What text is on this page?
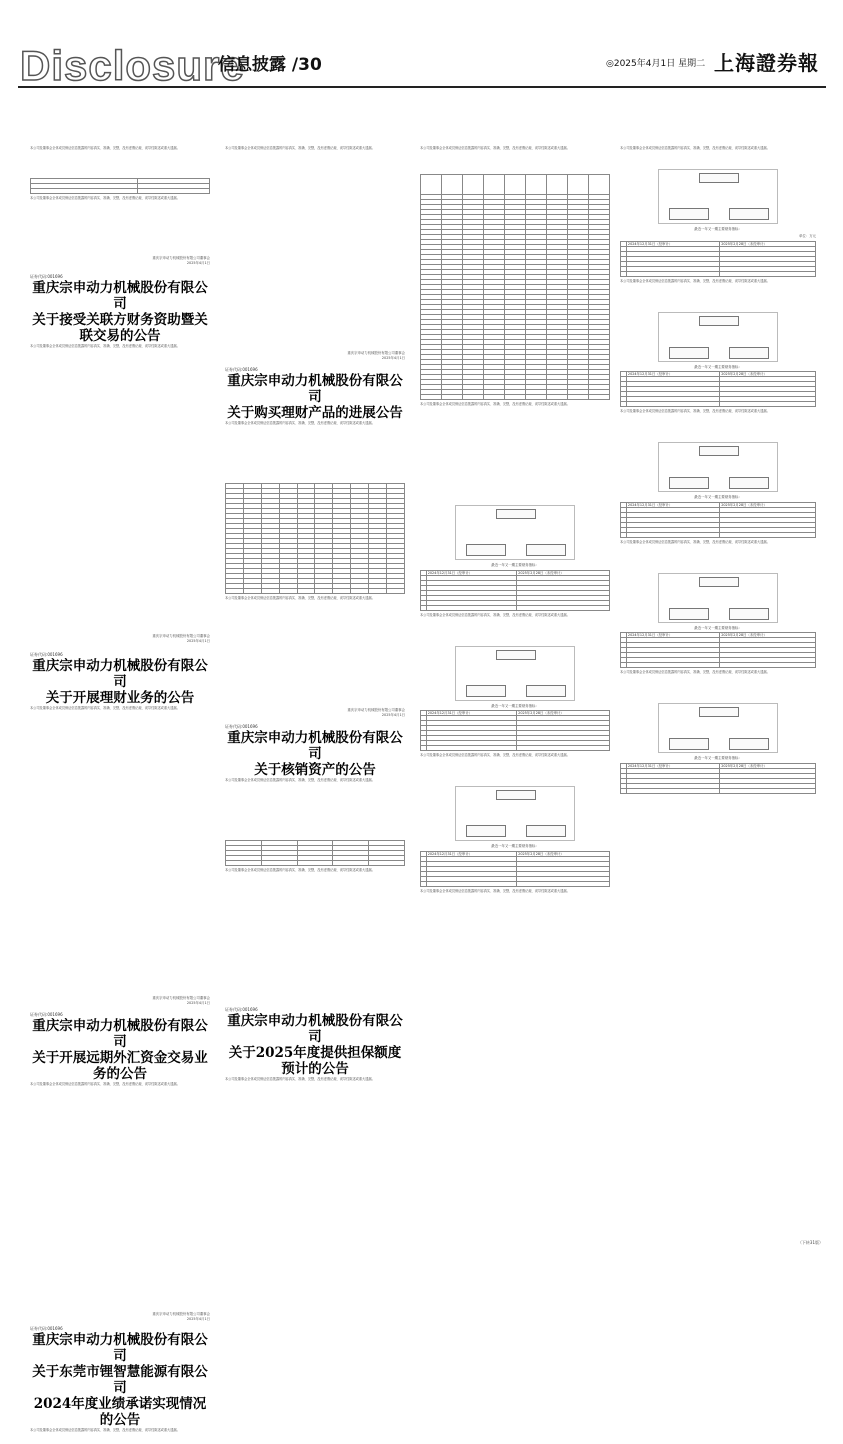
Disclosure
信息披露 /30	◎2025年4月1日 星期二 上海證券報
本公司及董事会全体成员保证信息披露的内容真实、准确、完整，没有虚假记载、误导性陈述或重大遗漏。

本公司及董事会全体成员保证信息披露的内容真实、准确、完整，没有虚假记载、误导性陈述或重大遗漏。
重庆宗申动力机械股份有限公司董事会
2025年4月1日
证券代码:001696
重庆宗申动力机械股份有限公司
关于接受关联方财务资助暨关联交易的公告
本公司及董事会全体成员保证信息披露的内容真实、准确、完整，没有虚假记载、误导性陈述或重大遗漏。
重庆宗申动力机械股份有限公司董事会
2025年4月1日
证券代码:001696
重庆宗申动力机械股份有限公司
关于开展理财业务的公告
本公司及董事会全体成员保证信息披露的内容真实、准确、完整，没有虚假记载、误导性陈述或重大遗漏。
重庆宗申动力机械股份有限公司董事会
2025年4月1日
证券代码:001696
重庆宗申动力机械股份有限公司
关于开展远期外汇资金交易业务的公告
本公司及董事会全体成员保证信息披露的内容真实、准确、完整，没有虚假记载、误导性陈述或重大遗漏。
重庆宗申动力机械股份有限公司董事会
2025年4月1日
证券代码:001696
重庆宗申动力机械股份有限公司
关于东莞市锂智慧能源有限公司
2024年度业绩承诺实现情况的公告
本公司及董事会全体成员保证信息披露的内容真实、准确、完整，没有虚假记载、误导性陈述或重大遗漏。
本公司及董事会全体成员保证信息披露的内容真实、准确、完整，没有虚假记载、误导性陈述或重大遗漏。
重庆宗申动力机械股份有限公司董事会
2025年4月1日
证券代码:001696
重庆宗申动力机械股份有限公司
关于购买理财产品的进展公告
本公司及董事会全体成员保证信息披露的内容真实、准确、完整，没有虚假记载、误导性陈述或重大遗漏。

本公司及董事会全体成员保证信息披露的内容真实、准确、完整，没有虚假记载、误导性陈述或重大遗漏。
重庆宗申动力机械股份有限公司董事会
2025年4月1日
证券代码:001696
重庆宗申动力机械股份有限公司
关于核销资产的公告
本公司及董事会全体成员保证信息披露的内容真实、准确、完整，没有虚假记载、误导性陈述或重大遗漏。

本公司及董事会全体成员保证信息披露的内容真实、准确、完整，没有虚假记载、误导性陈述或重大遗漏。
证券代码:001696
重庆宗申动力机械股份有限公司
关于2025年度提供担保额度预计的公告
本公司及董事会全体成员保证信息披露的内容真实、准确、完整，没有虚假记载、误导性陈述或重大遗漏。
本公司及董事会全体成员保证信息披露的内容真实、准确、完整，没有虚假记载、误导性陈述或重大遗漏。

本公司及董事会全体成员保证信息披露的内容真实、准确、完整，没有虚假记载、误导性陈述或重大遗漏。
最近一年又一期主要财务指标：
	2024年12月31日（经审计）	2025年2月28日（未经审计）

本公司及董事会全体成员保证信息披露的内容真实、准确、完整，没有虚假记载、误导性陈述或重大遗漏。
最近一年又一期主要财务指标：
	2024年12月31日（经审计）	2025年2月28日（未经审计）

本公司及董事会全体成员保证信息披露的内容真实、准确、完整，没有虚假记载、误导性陈述或重大遗漏。
最近一年又一期主要财务指标：
	2024年12月31日（经审计）	2025年2月28日（未经审计）

本公司及董事会全体成员保证信息披露的内容真实、准确、完整，没有虚假记载、误导性陈述或重大遗漏。
本公司及董事会全体成员保证信息披露的内容真实、准确、完整，没有虚假记载、误导性陈述或重大遗漏。
最近一年又一期主要财务指标：
单位：万元
	2024年12月31日（经审计）	2025年2月28日（未经审计）

本公司及董事会全体成员保证信息披露的内容真实、准确、完整，没有虚假记载、误导性陈述或重大遗漏。
最近一年又一期主要财务指标：
	2024年12月31日（经审计）	2025年2月28日（未经审计）

本公司及董事会全体成员保证信息披露的内容真实、准确、完整，没有虚假记载、误导性陈述或重大遗漏。
最近一年又一期主要财务指标：
	2024年12月31日（经审计）	2025年2月28日（未经审计）

本公司及董事会全体成员保证信息披露的内容真实、准确、完整，没有虚假记载、误导性陈述或重大遗漏。
最近一年又一期主要财务指标：
	2024年12月31日（经审计）	2025年2月28日（未经审计）

本公司及董事会全体成员保证信息披露的内容真实、准确、完整，没有虚假记载、误导性陈述或重大遗漏。
最近一年又一期主要财务指标：
	2024年12月31日（经审计）	2025年2月28日（未经审计）

（下转31版）
